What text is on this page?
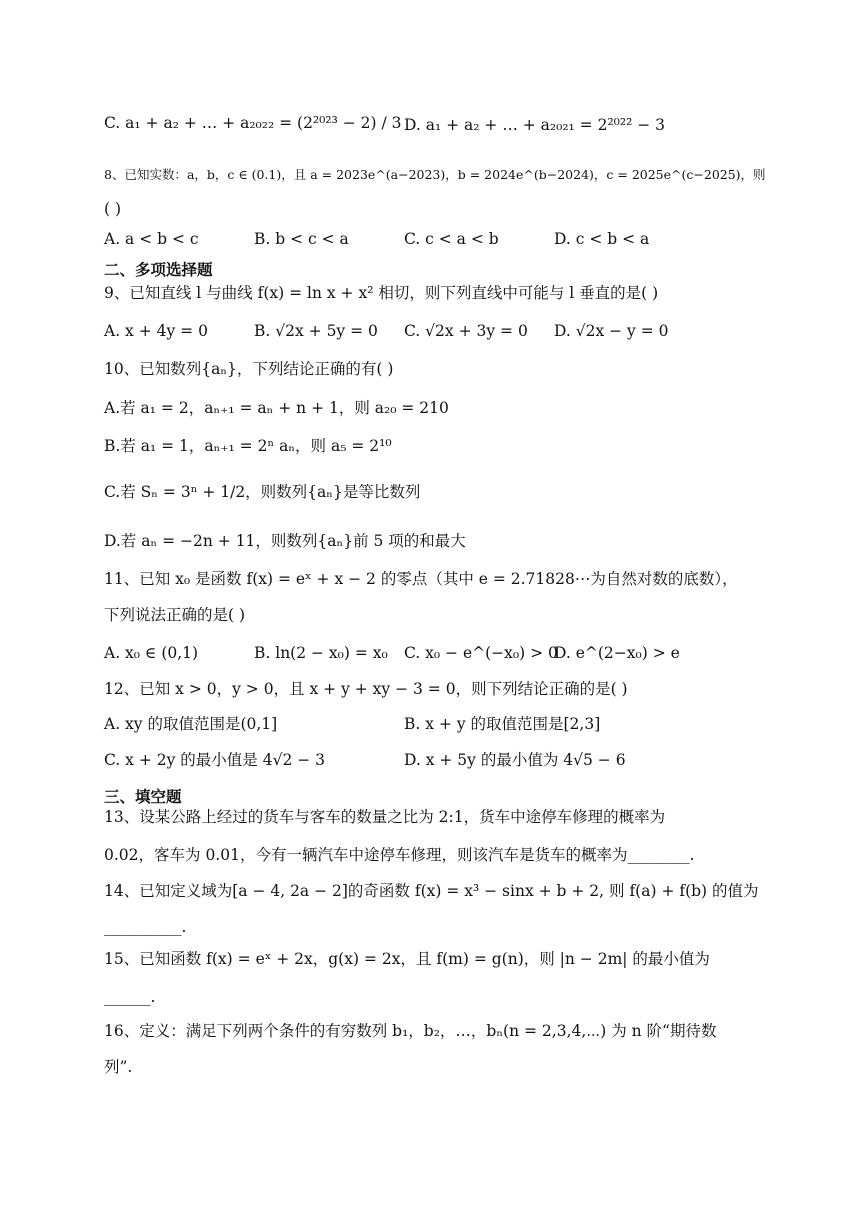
C. a₁ + a₂ + … + a₂₀₂₂ = (2²⁰²³ − 2) / 3 D. a₁ + a₂ + … + a₂₀₂₁ = 2²⁰²² − 3
8、已知实数：a，b，c ∈ (0.1)，且 a = 2023e^(a−2023)，b = 2024e^(b−2024)，c = 2025e^(c−2025)，则
( )
A. a < b < c	B. b < c < a	C. c < a < b	D. c < b < a
二、多项选择题
9、已知直线 l 与曲线 f(x) = ln x + x² 相切，则下列直线中可能与 l 垂直的是( )
A. x + 4y = 0	B. √2x + 5y = 0 C. √2x + 3y = 0 D. √2x − y = 0
10、已知数列{aₙ}，下列结论正确的有( )
A.若 a₁ = 2，aₙ₊₁ = aₙ + n + 1，则 a₂₀ = 210
B.若 a₁ = 1，aₙ₊₁ = 2ⁿ aₙ，则 a₅ = 2¹⁰
C.若 Sₙ = 3ⁿ + 1/2，则数列{aₙ}是等比数列
D.若 aₙ = −2n + 11，则数列{aₙ}前 5 项的和最大
11、已知 x₀ 是函数 f(x) = eˣ + x − 2 的零点（其中 e = 2.71828⋯为自然对数的底数），
下列说法正确的是( )
A. x₀ ∈ (0,1)	B. ln(2 − x₀) = x₀ C. x₀ − e^(−x₀) > 0
D. e^(2−x₀) > e
12、已知 x > 0，y > 0，且 x + y + xy − 3 = 0，则下列结论正确的是( )
A. xy 的取值范围是(0,1]	B. x + y 的取值范围是[2,3]
C. x + 2y 的最小值是 4√2 − 3	D. x + 5y 的最小值为 4√5 − 6
三、填空题
13、设某公路上经过的货车与客车的数量之比为 2:1，货车中途停车修理的概率为
0.02，客车为 0.01，今有一辆汽车中途停车修理，则该汽车是货车的概率为________.
14、已知定义域为[a − 4, 2a − 2]的奇函数 f(x) = x³ − sinx + b + 2, 则 f(a) + f(b) 的值为
__________.
15、已知函数 f(x) = eˣ + 2x，g(x) = 2x，且 f(m) = g(n)，则 |n − 2m| 的最小值为
______.
16、定义：满足下列两个条件的有穷数列 b₁，b₂，…，bₙ(n = 2,3,4,⋯) 为 n 阶“期待数
列”.
